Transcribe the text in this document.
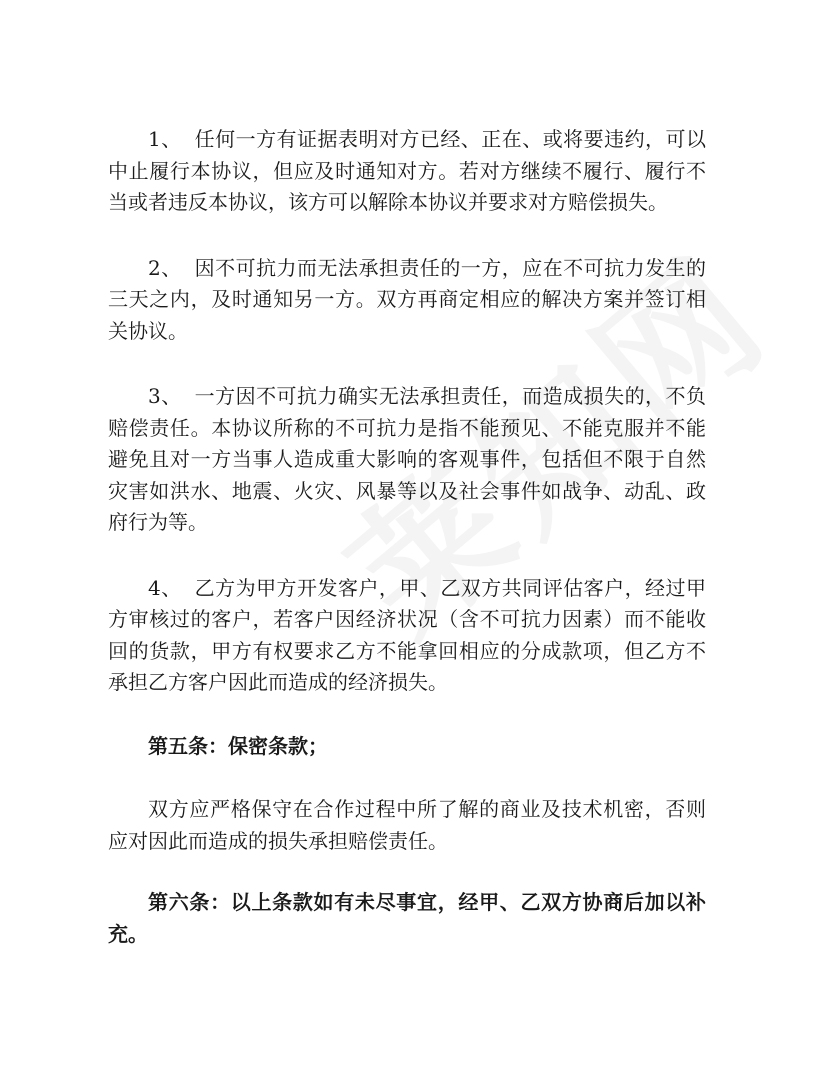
1、 任何一方有证据表明对方已经、正在、或将要违约，可以中止履行本协议，但应及时通知对方。若对方继续不履行、履行不当或者违反本协议，该方可以解除本协议并要求对方赔偿损失。

2、 因不可抗力而无法承担责任的一方，应在不可抗力发生的三天之内，及时通知另一方。双方再商定相应的解决方案并签订相关协议。

3、 一方因不可抗力确实无法承担责任，而造成损失的，不负赔偿责任。本协议所称的不可抗力是指不能预见、不能克服并不能避免且对一方当事人造成重大影响的客观事件，包括但不限于自然灾害如洪水、地震、火灾、风暴等以及社会事件如战争、动乱、政府行为等。

4、 乙方为甲方开发客户，甲、乙双方共同评估客户，经过甲方审核过的客户，若客户因经济状况（含不可抗力因素）而不能收回的货款，甲方有权要求乙方不能拿回相应的分成款项，但乙方不承担乙方客户因此而造成的经济损失。

第五条：保密条款；

双方应严格保守在合作过程中所了解的商业及技术机密，否则应对因此而造成的损失承担赔偿责任。

第六条：以上条款如有未尽事宜，经甲、乙双方协商后加以补充。
